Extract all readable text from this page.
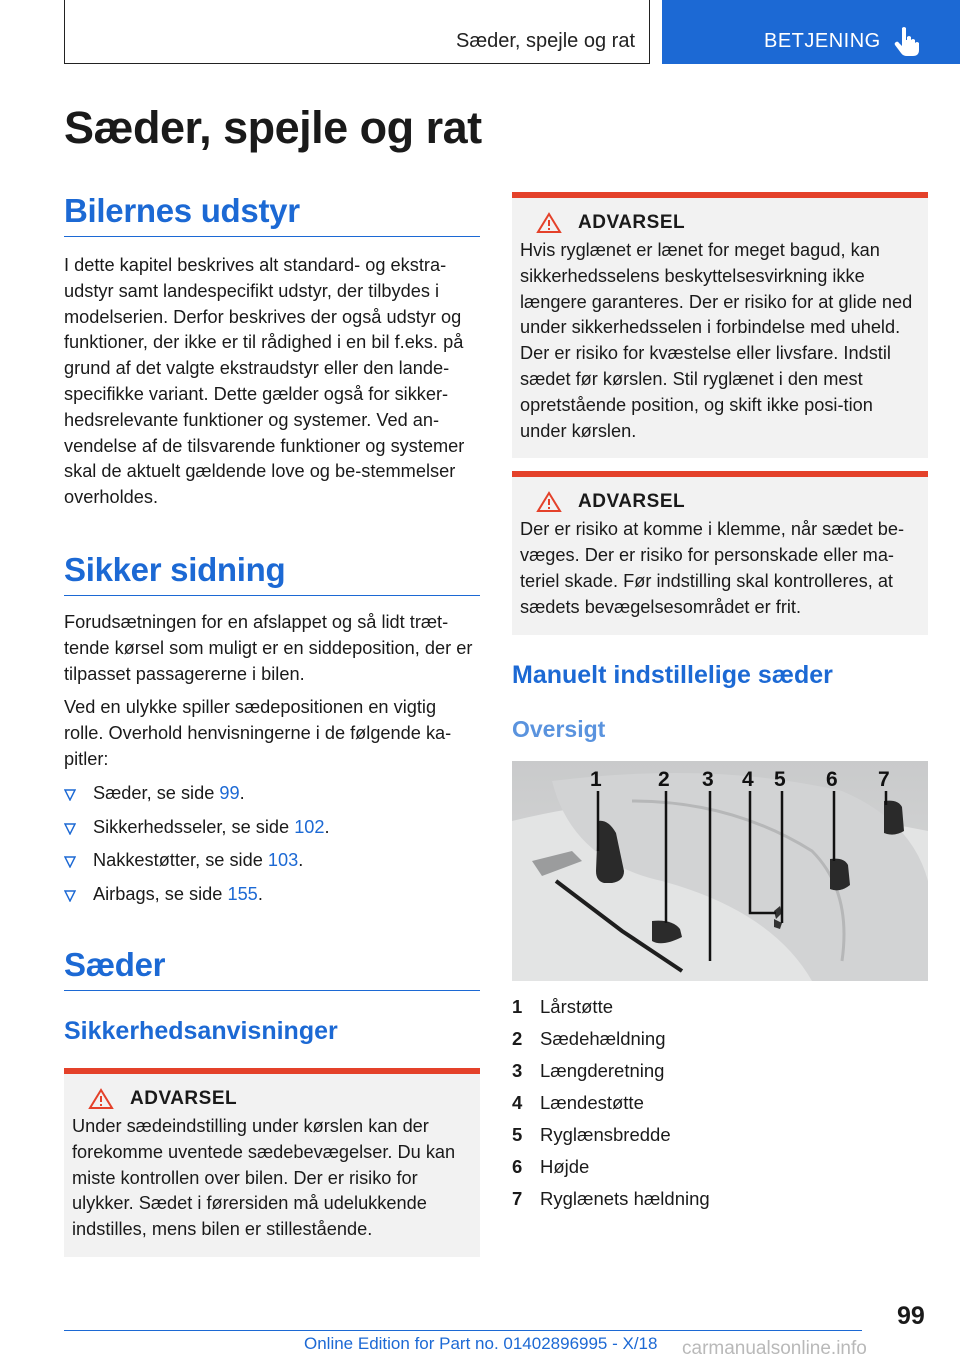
Sæder, spejle og rat	BETJENING
Sæder, spejle og rat
Bilernes udstyr

I dette kapitel beskrives alt standard- og ekstra-udstyr samt landespecifikt udstyr, der tilbydes i modelserien. Derfor beskrives der også udstyr og funktioner, der ikke er til rådighed i en bil f.eks. på grund af det valgte ekstraudstyr eller den lande-specifikke variant. Dette gælder også for sikker-hedsrelevante funktioner og systemer. Ved an-vendelse af de tilsvarende funktioner og systemer skal de aktuelt gældende love og be-stemmelser overholdes.

Sikker sidning

Forudsætningen for en afslappet og så lidt træt-tende kørsel som muligt er en siddeposition, der er tilpasset passagererne i bilen.

Ved en ulykke spiller sædepositionen en vigtig rolle. Overhold henvisningerne i de følgende ka-pitler:

Sæder, se side 99.
Sikkerhedsseler, se side 102.
Nakkestøtter, se side 103.
Airbags, se side 155.
Sæder
Sikkerhedsanvisninger
ADVARSEL

Under sædeindstilling under kørslen kan der forekomme uventede sædebevægelser. Du kan miste kontrollen over bilen. Der er risiko for ulykker. Sædet i førersiden må udelukkende indstilles, mens bilen er stillestående.

ADVARSEL

Hvis ryglænet er lænet for meget bagud, kan sikkerhedsselens beskyttelsesvirkning ikke længere garanteres. Der er risiko for at glide ned under sikkerhedsselen i forbindelse med uheld. Der er risiko for kvæstelse eller livsfare. Indstil sædet før kørslen. Stil ryglænet i den mest opretstående position, og skift ikke posi-tion under kørslen.

ADVARSEL

Der er risiko at komme i klemme, når sædet be-væges. Der er risiko for personskade eller ma-teriel skade. Før indstilling skal kontrolleres, at sædets bevægelsesområdet er frit.

Manuelt indstillelige sæder
Oversigt
1	2 3 4 5 6 7
1 Lårstøtte
2 Sædehældning
3 Længderetning
4 Lændestøtte
5 Ryglænsbredde
6 Højde
7 Ryglænets hældning
99
Online Edition for Part no. 01402896995 - X/18 carmanualsonline.info
